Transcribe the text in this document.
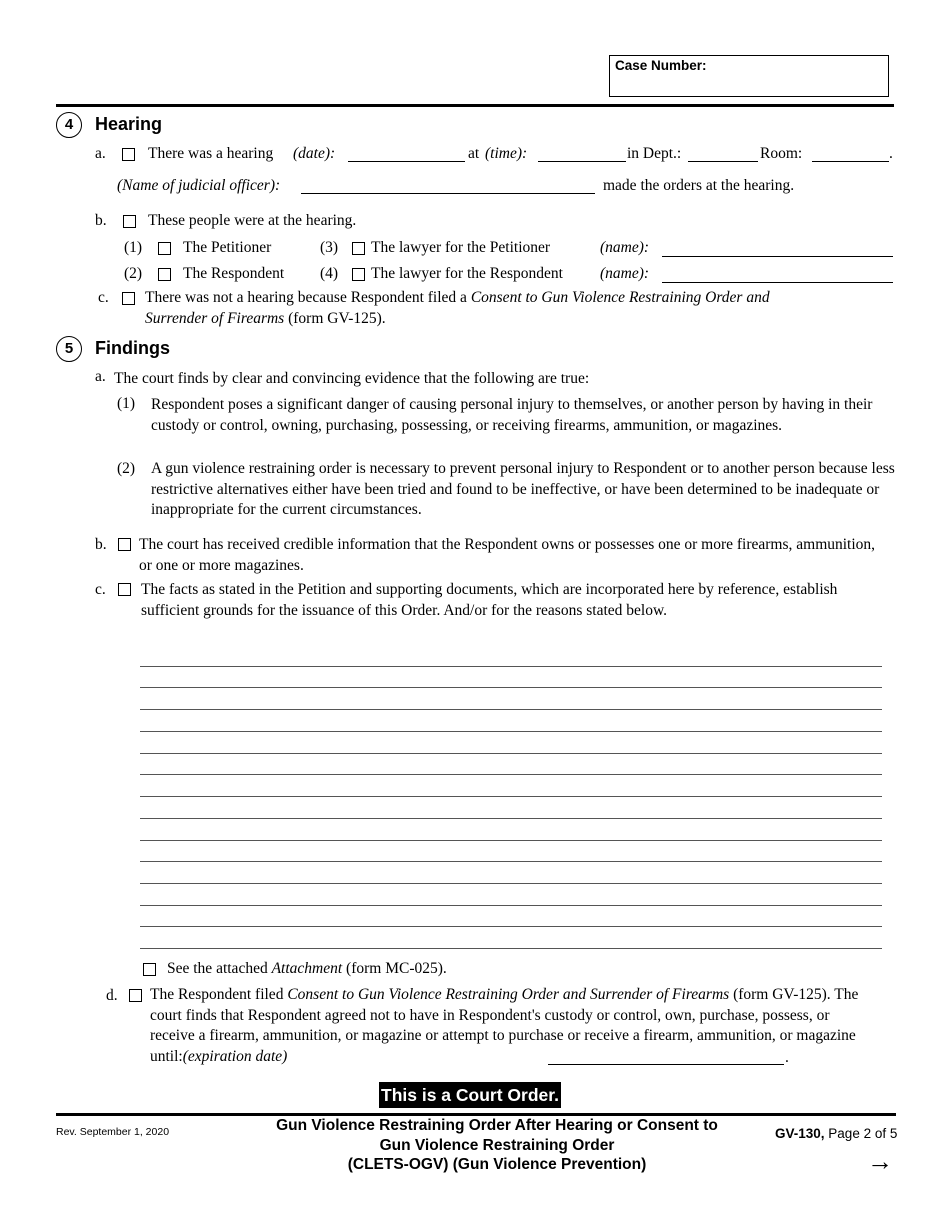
Case Number:
4	Hearing
a.	There was a hearing (date):	at (time):	in Dept.:	Room:	.
(Name of judicial officer):	made the orders at the hearing.
b.	These people were at the hearing.
(1)	The Petitioner	(3) The lawyer for the Petitioner	(name):
(2)	The Respondent (4) The lawyer for the Respondent (name):
c. There was not a hearing because Respondent filed a Consent to Gun Violence Restraining Order and
Surrender of Firearms (form GV-125).
5	Findings
a. The court finds by clear and convincing evidence that the following are true:
(1) Respondent poses a significant danger of causing personal injury to themselves, or another person by having in their custody or control, owning, purchasing, possessing, or receiving firearms, ammunition, or magazines.
(2) A gun violence restraining order is necessary to prevent personal injury to Respondent or to another person because less restrictive alternatives either have been tried and found to be ineffective, or have been determined to be inadequate or inappropriate for the current circumstances.
b. The court has received credible information that the Respondent owns or possesses one or more firearms, ammunition, or one or more magazines.
c. The facts as stated in the Petition and supporting documents, which are incorporated here by reference, establish sufficient grounds for the issuance of this Order. And/or for the reasons stated below.
See the attached Attachment (form MC-025).
d. The Respondent filed Consent to Gun Violence Restraining Order and Surrender of Firearms (form GV-125). The court finds that Respondent agreed not to have in Respondent's custody or control, own, purchase, possess, or receive a firearm, ammunition, or magazine or attempt to purchase or receive a firearm, ammunition, or magazine until:(expiration date)	.
This is a Court Order.
Rev. September 1, 2020	Gun Violence Restraining Order After Hearing or Consent to
Gun Violence Restraining Order
(CLETS-OGV) (Gun Violence Prevention)
GV-130, Page 2 of 5
→
